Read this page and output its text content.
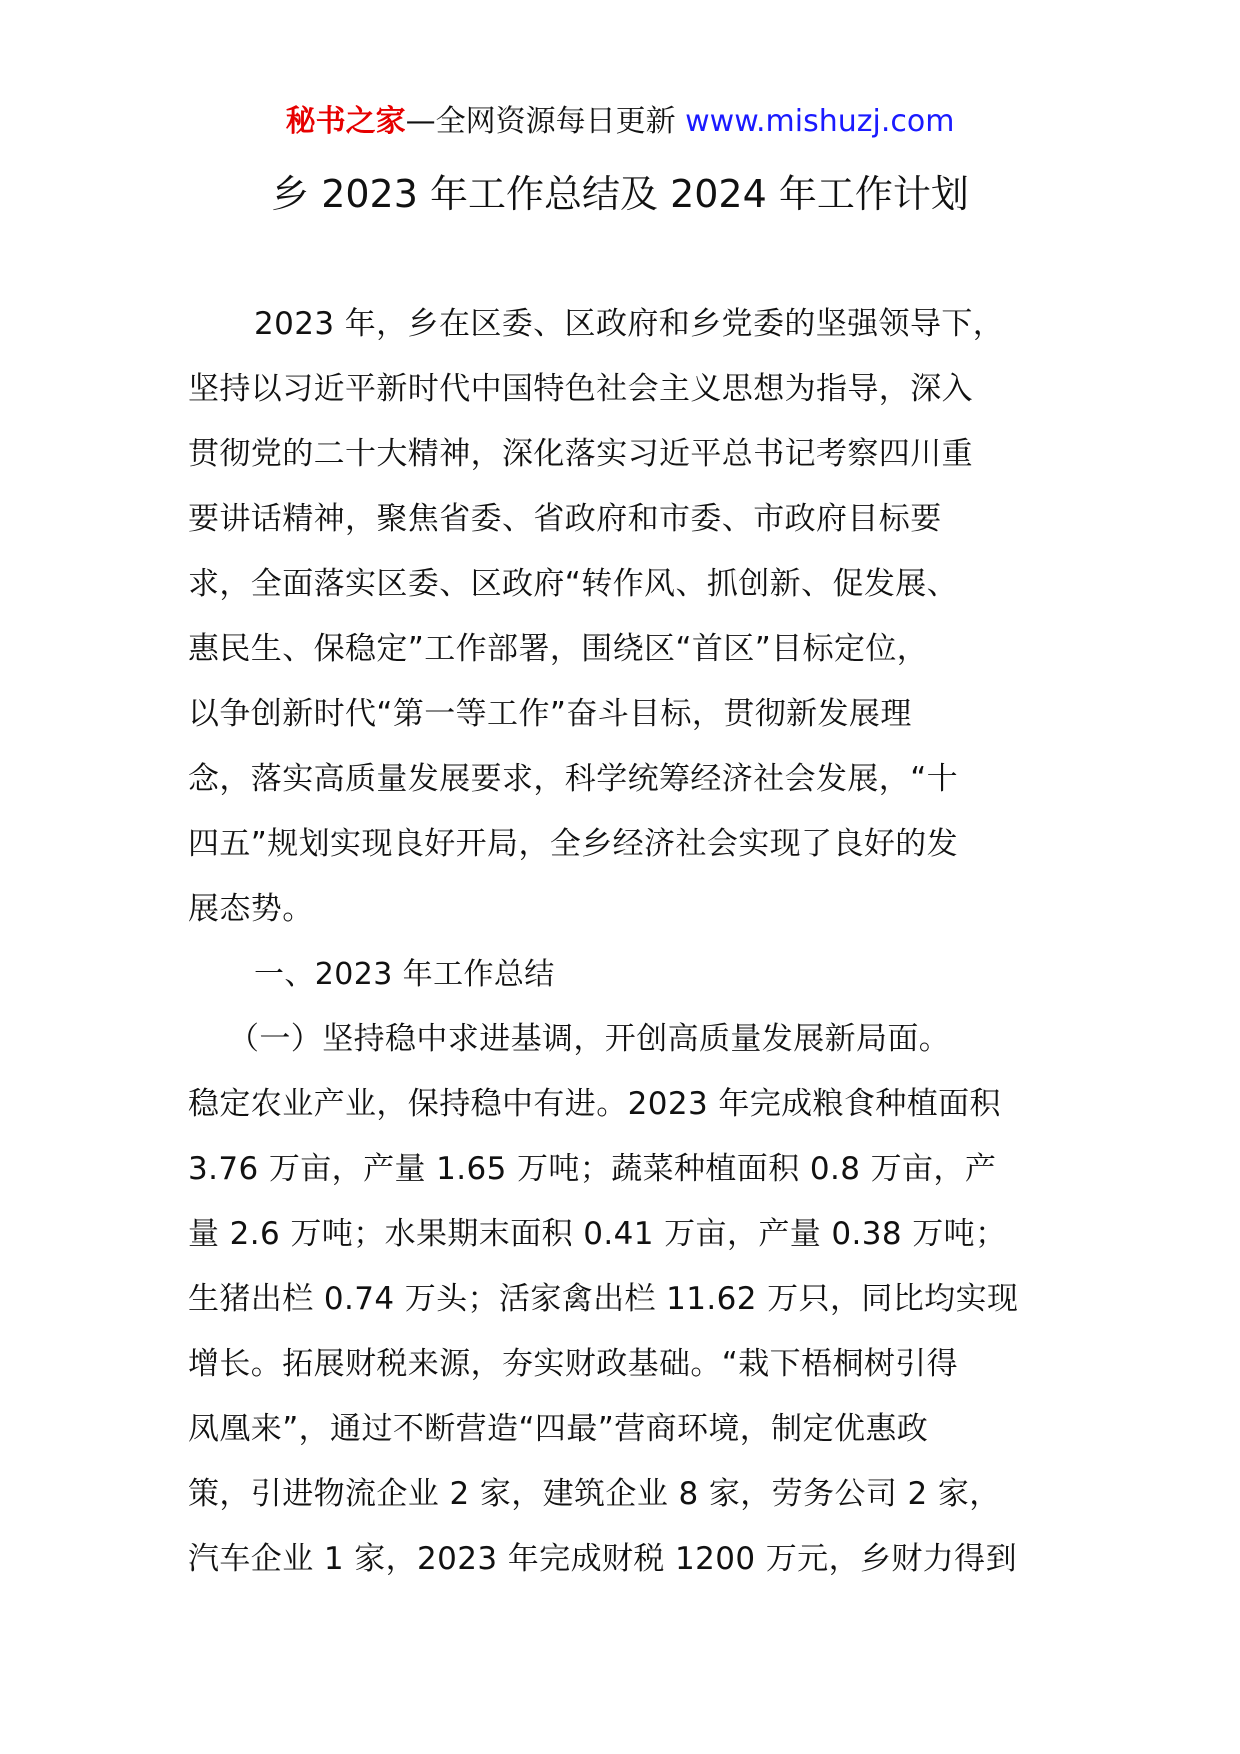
秘书之家—全网资源每日更新 www.mishuzj.com
乡 2023 年工作总结及 2024 年工作计划
2023 年，乡在区委、区政府和乡党委的坚强领导下，
坚持以习近平新时代中国特色社会主义思想为指导，深入
贯彻党的二十大精神，深化落实习近平总书记考察四川重
要讲话精神，聚焦省委、省政府和市委、市政府目标要
求，全面落实区委、区政府“转作风、抓创新、促发展、
惠民生、保稳定”工作部署，围绕区“首区”目标定位，
以争创新时代“第一等工作”奋斗目标，贯彻新发展理
念，落实高质量发展要求，科学统筹经济社会发展，“十
四五”规划实现良好开局，全乡经济社会实现了良好的发
展态势。
一、2023 年工作总结
（一）坚持稳中求进基调，开创高质量发展新局面。
稳定农业产业，保持稳中有进。2023 年完成粮食种植面积
3.76 万亩，产量 1.65 万吨；蔬菜种植面积 0.8 万亩，产
量 2.6 万吨；水果期末面积 0.41 万亩，产量 0.38 万吨；
生猪出栏 0.74 万头；活家禽出栏 11.62 万只，同比均实现
增长。拓展财税来源，夯实财政基础。“栽下梧桐树引得
凤凰来”，通过不断营造“四最”营商环境，制定优惠政
策，引进物流企业 2 家，建筑企业 8 家，劳务公司 2 家，
汽车企业 1 家，2023 年完成财税 1200 万元，乡财力得到
